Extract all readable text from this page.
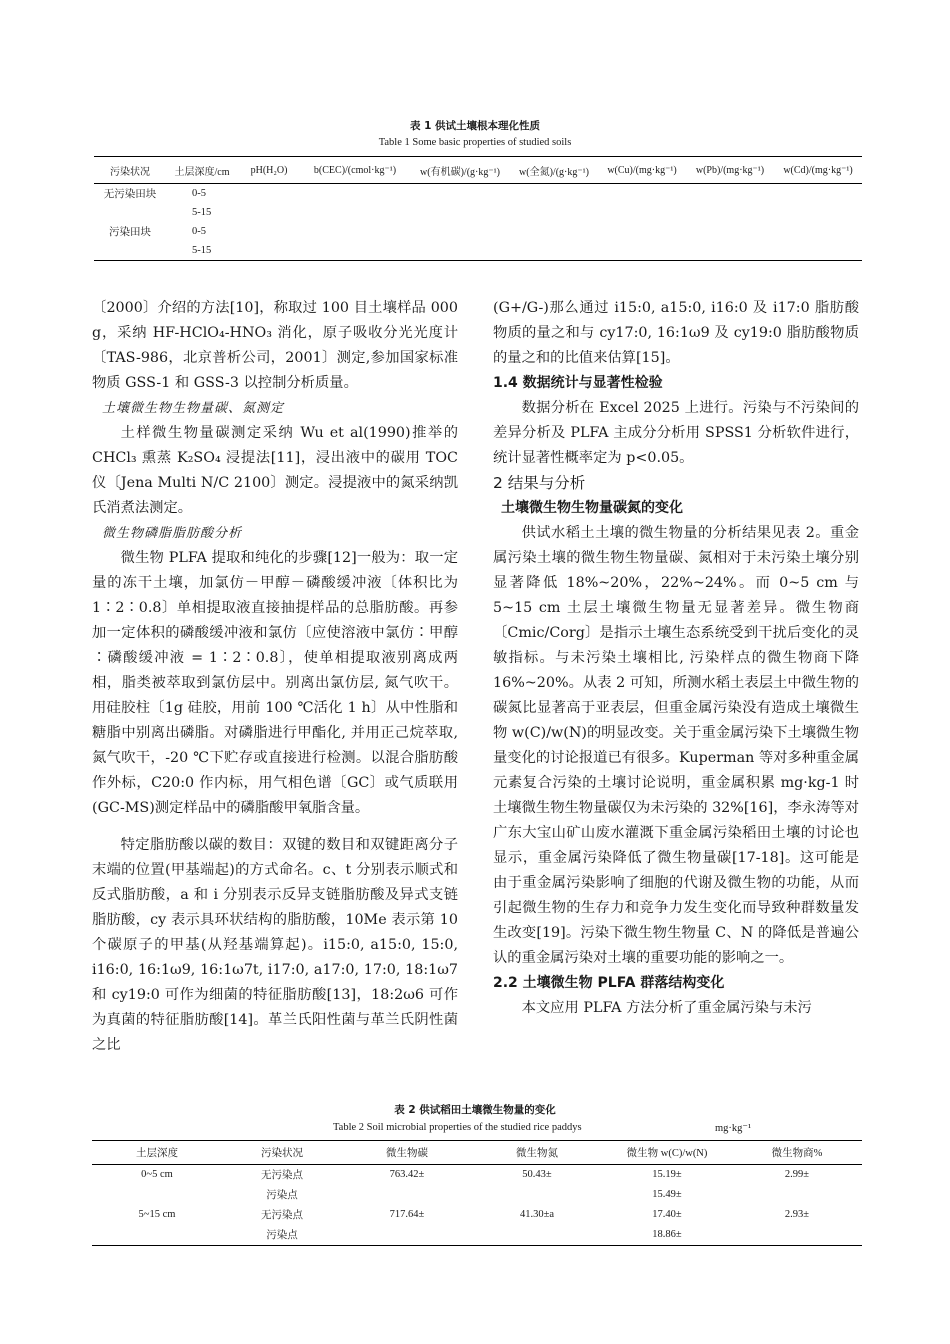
表 1 供试土壤根本理化性质
Table 1 Some basic properties of studied soils
污染状况	土层深度/cm	pH(H₂O)	b(CEC)/(cmol·kg⁻¹)	w(有机碳)/(g·kg⁻¹)	w(全氮)/(g·kg⁻¹)	w(Cu)/(mg·kg⁻¹)	w(Pb)/(mg·kg⁻¹)	w(Cd)/(mg·kg⁻¹)
无污染田块	0-5							
	5-15							
污染田块	0-5							
	5-15							

〔2000〕介绍的方法[10]，称取过 100 目土壤样品 000 g，采纳 HF-HClO₄-HNO₃ 消化，原子吸收分光光度计〔TAS-986，北京普析公司，2001〕测定,参加国家标准物质 GSS-1 和 GSS-3 以控制分析质量。

土壤微生物生物量碳、氮测定

土样微生物量碳测定采纳 Wu et al(1990)推举的 CHCl₃ 熏蒸 K₂SO₄ 浸提法[11]，浸出液中的碳用 TOC 仪〔Jena Multi N/C 2100〕测定。浸提液中的氮采纳凯氏消煮法测定。

微生物磷脂脂肪酸分析

微生物 PLFA 提取和纯化的步骤[12]一般为：取一定量的冻干土壤，加氯仿－甲醇－磷酸缓冲液〔体积比为 1∶2∶0.8〕单相提取液直接抽提样品的总脂肪酸。再参加一定体积的磷酸缓冲液和氯仿〔应使溶液中氯仿∶甲醇∶磷酸缓冲液 = 1∶2∶0.8〕，使单相提取液别离成两相，脂类被萃取到氯仿层中。别离出氯仿层, 氮气吹干。用硅胶柱〔1g 硅胶，用前 100 ℃活化 1 h〕从中性脂和糖脂中别离出磷脂。对磷脂进行甲酯化, 并用正己烷萃取, 氮气吹干，-20 ℃下贮存或直接进行检测。以混合脂肪酸作外标，C20:0 作内标，用气相色谱〔GC〕或气质联用(GC-MS)测定样品中的磷脂酸甲氧脂含量。

特定脂肪酸以碳的数目：双键的数目和双键距离分子末端的位置(甲基端起)的方式命名。c、t 分别表示顺式和反式脂肪酸，a 和 i 分别表示反异支链脂肪酸及异式支链脂肪酸，cy 表示具环状结构的脂肪酸，10Me 表示第 10 个碳原子的甲基(从羟基端算起)。i15:0, a15:0, 15:0, i16:0, 16:1ω9, 16:1ω7t, i17:0, a17:0, 17:0, 18:1ω7 和 cy19:0 可作为细菌的特征脂肪酸[13]，18:2ω6 可作为真菌的特征脂肪酸[14]。革兰氏阳性菌与革兰氏阴性菌之比

(G+/G-)那么通过 i15:0, a15:0, i16:0 及 i17:0 脂肪酸物质的量之和与 cy17:0, 16:1ω9 及 cy19:0 脂肪酸物质的量之和的比值来估算[15]。

1.4 数据统计与显著性检验

数据分析在 Excel 2025 上进行。污染与不污染间的差异分析及 PLFA 主成分分析用 SPSS1 分析软件进行，统计显著性概率定为 p<0.05。

2 结果与分析

土壤微生物生物量碳氮的变化

供试水稻土土壤的微生物量的分析结果见表 2。重金属污染土壤的微生物生物量碳、氮相对于未污染土壤分别显著降低 18%~20%，22%~24%。而 0~5 cm 与 5~15 cm 土层土壤微生物量无显著差异。微生物商〔Cmic/Corg〕是指示土壤生态系统受到干扰后变化的灵敏指标。与未污染土壤相比, 污染样点的微生物商下降 16%~20%。从表 2 可知，所测水稻土表层土中微生物的碳氮比显著高于亚表层，但重金属污染没有造成土壤微生物 w(C)/w(N)的明显改变。关于重金属污染下土壤微生物量变化的讨论报道已有很多。Kuperman 等对多种重金属元素复合污染的土壤讨论说明，重金属积累 mg·kg-1 时土壤微生物生物量碳仅为未污染的 32%[16]，李永涛等对广东大宝山矿山废水灌溉下重金属污染稻田土壤的讨论也显示，重金属污染降低了微生物量碳[17-18]。这可能是由于重金属污染影响了细胞的代谢及微生物的功能，从而引起微生物的生存力和竞争力发生变化而导致种群数量发生改变[19]。污染下微生物生物量 C、N 的降低是普遍公认的重金属污染对土壤的重要功能的影响之一。

2.2 土壤微生物 PLFA 群落结构变化

本文应用 PLFA 方法分析了重金属污染与未污

表 2 供试稻田土壤微生物量的变化
Table 2 Soil microbial properties of the studied rice paddys	mg·kg⁻¹
土层深度	污染状况	微生物碳	微生物氮	微生物 w(C)/w(N)	微生物商%
0~5 cm	无污染点	763.42±	50.43±	15.19±	2.99±
	污染点			15.49±	
5~15 cm	无污染点	717.64±	41.30±a	17.40±	2.93±
	污染点			18.86±	
